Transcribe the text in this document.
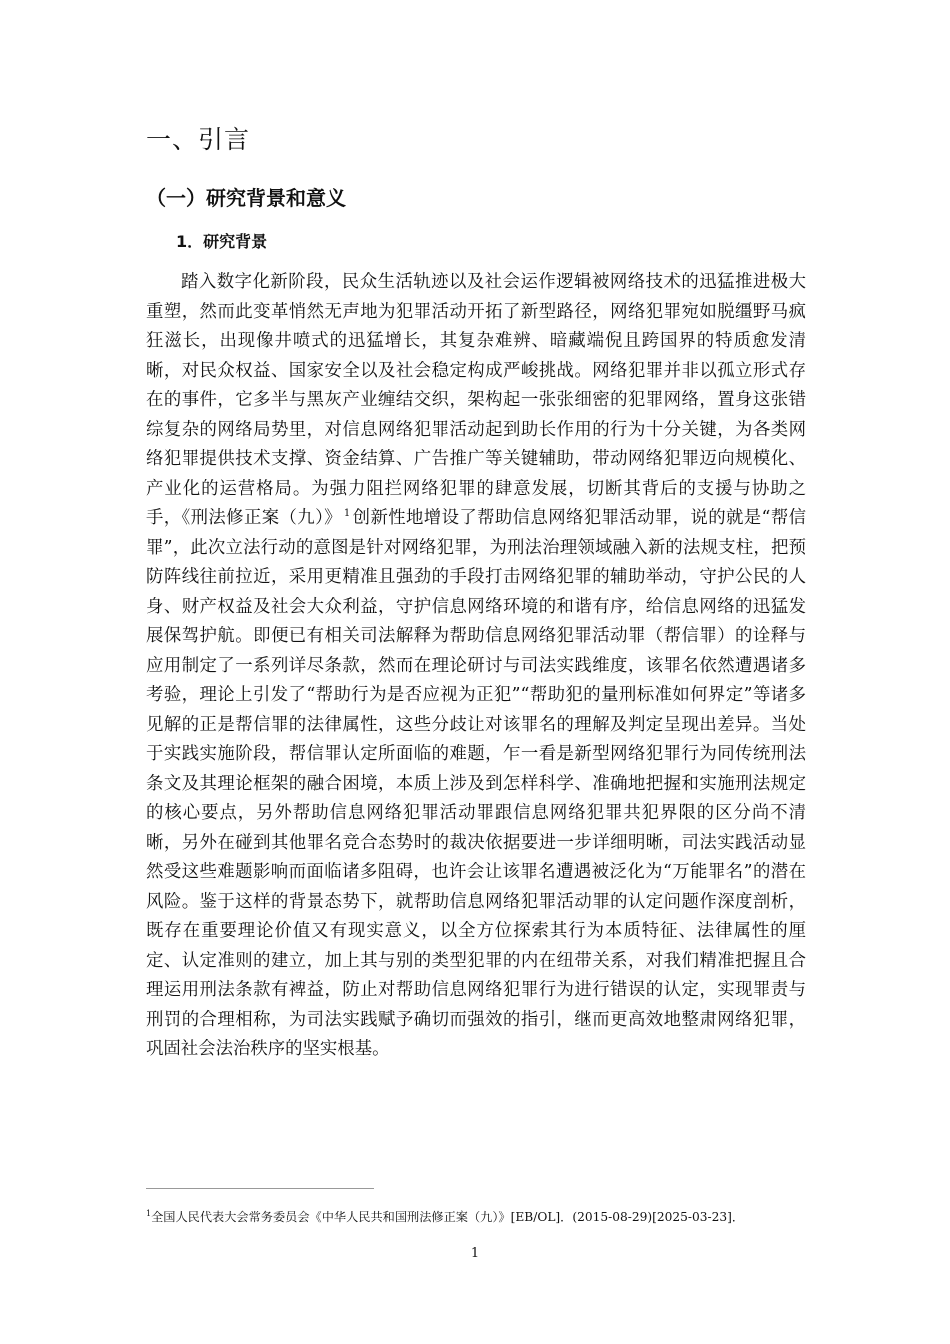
一、引言
（一）研究背景和意义
1．研究背景

踏入数字化新阶段，民众生活轨迹以及社会运作逻辑被网络技术的迅猛推进极大重塑，然而此变革悄然无声地为犯罪活动开拓了新型路径，网络犯罪宛如脱缰野马疯狂滋长，出现像井喷式的迅猛增长，其复杂难辨、暗藏端倪且跨国界的特质愈发清晰，对民众权益、国家安全以及社会稳定构成严峻挑战。网络犯罪并非以孤立形式存在的事件，它多半与黑灰产业缠结交织，架构起一张张细密的犯罪网络，置身这张错综复杂的网络局势里，对信息网络犯罪活动起到助长作用的行为十分关键，为各类网络犯罪提供技术支撑、资金结算、广告推广等关键辅助，带动网络犯罪迈向规模化、产业化的运营格局。为强力阻拦网络犯罪的肆意发展，切断其背后的支援与协助之手，《刑法修正案（九）》 $^1$ 创新性地增设了帮助信息网络犯罪活动罪，说的就是“帮信罪”，此次立法行动的意图是针对网络犯罪，为刑法治理领域融入新的法规支柱，把预防阵线往前拉近，采用更精准且强劲的手段打击网络犯罪的辅助举动，守护公民的人身、财产权益及社会大众利益，守护信息网络环境的和谐有序，给信息网络的迅猛发展保驾护航。即便已有相关司法解释为帮助信息网络犯罪活动罪（帮信罪）的诠释与应用制定了一系列详尽条款，然而在理论研讨与司法实践维度，该罪名依然遭遇诸多考验，理论上引发了“帮助行为是否应视为正犯”“帮助犯的量刑标准如何界定”等诸多见解的正是帮信罪的法律属性，这些分歧让对该罪名的理解及判定呈现出差异。当处于实践实施阶段，帮信罪认定所面临的难题，乍一看是新型网络犯罪行为同传统刑法条文及其理论框架的融合困境，本质上涉及到怎样科学、准确地把握和实施刑法规定的核心要点，另外帮助信息网络犯罪活动罪跟信息网络犯罪共犯界限的区分尚不清晰，另外在碰到其他罪名竞合态势时的裁决依据要进一步详细明晰，司法实践活动显然受这些难题影响而面临诸多阻碍，也许会让该罪名遭遇被泛化为“万能罪名”的潜在风险。鉴于这样的背景态势下，就帮助信息网络犯罪活动罪的认定问题作深度剖析，既存在重要理论价值又有现实意义，以全方位探索其行为本质特征、法律属性的厘定、认定准则的建立，加上其与别的类型犯罪的内在纽带关系，对我们精准把握且合理运用刑法条款有裨益，防止对帮助信息网络犯罪行为进行错误的认定，实现罪责与刑罚的合理相称，为司法实践赋予确切而强效的指引，继而更高效地整肃网络犯罪，巩固社会法治秩序的坚实根基。

$^1$全国人民代表大会常务委员会《中华人民共和国刑法修正案（九）》[EB/OL]．(2015-08-29)[2025-03-23]．

1
